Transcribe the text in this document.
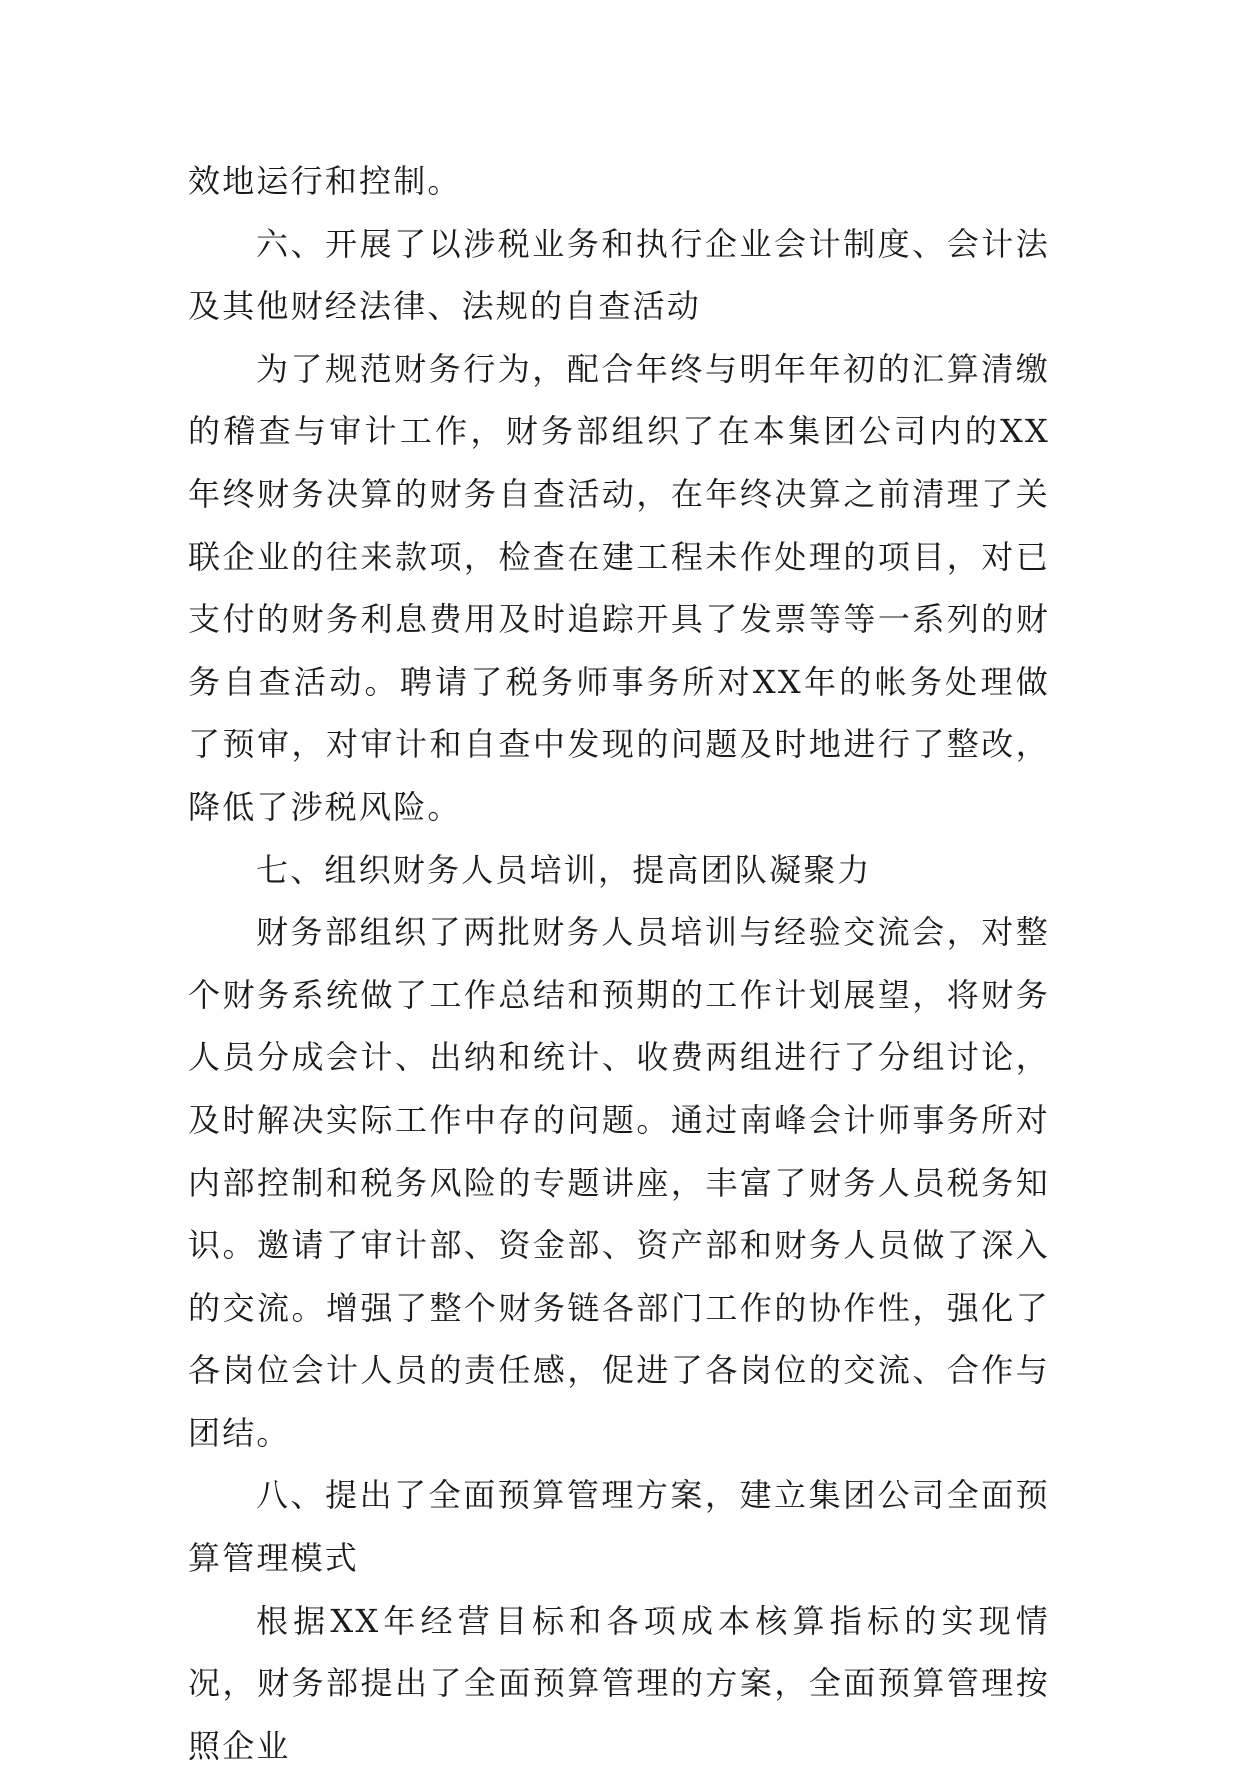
效地运行和控制。

六、开展了以涉税业务和执行企业会计制度、会计法及其他财经法律、法规的自查活动

为了规范财务行为，配合年终与明年年初的汇算清缴的稽查与审计工作，财务部组织了在本集团公司内的XX年终财务决算的财务自查活动，在年终决算之前清理了关联企业的往来款项，检查在建工程未作处理的项目，对已支付的财务利息费用及时追踪开具了发票等等一系列的财务自查活动。聘请了税务师事务所对XX年的帐务处理做了预审，对审计和自查中发现的问题及时地进行了整改，降低了涉税风险。

七、组织财务人员培训，提高团队凝聚力

财务部组织了两批财务人员培训与经验交流会，对整个财务系统做了工作总结和预期的工作计划展望，将财务人员分成会计、出纳和统计、收费两组进行了分组讨论，及时解决实际工作中存的问题。通过南峰会计师事务所对内部控制和税务风险的专题讲座，丰富了财务人员税务知识。邀请了审计部、资金部、资产部和财务人员做了深入的交流。增强了整个财务链各部门工作的协作性，强化了各岗位会计人员的责任感，促进了各岗位的交流、合作与团结。

八、提出了全面预算管理方案，建立集团公司全面预算管理模式

根据XX年经营目标和各项成本核算指标的实现情况，财务部提出了全面预算管理的方案，全面预算管理按照企业
